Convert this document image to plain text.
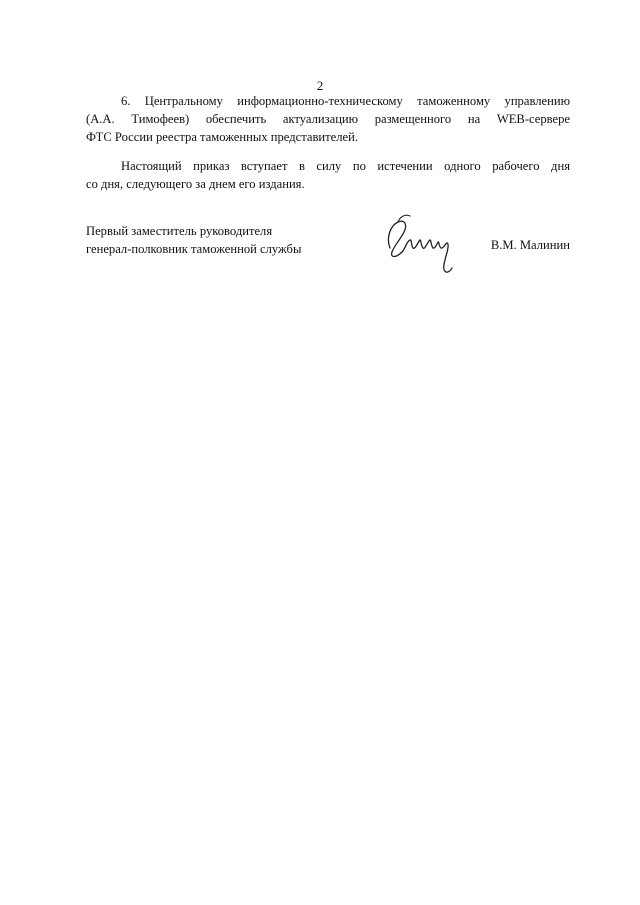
2
6. Центральному информационно-техническому таможенному управлению
(А.А. Тимофеев) обеспечить актуализацию размещенного на WEB-сервере
ФТС России реестра таможенных представителей.
Настоящий приказ вступает в силу по истечении одного рабочего дня
со дня, следующего за днем его издания.
Первый заместитель руководителя
генерал-полковник таможенной службы	В.М. Малинин
